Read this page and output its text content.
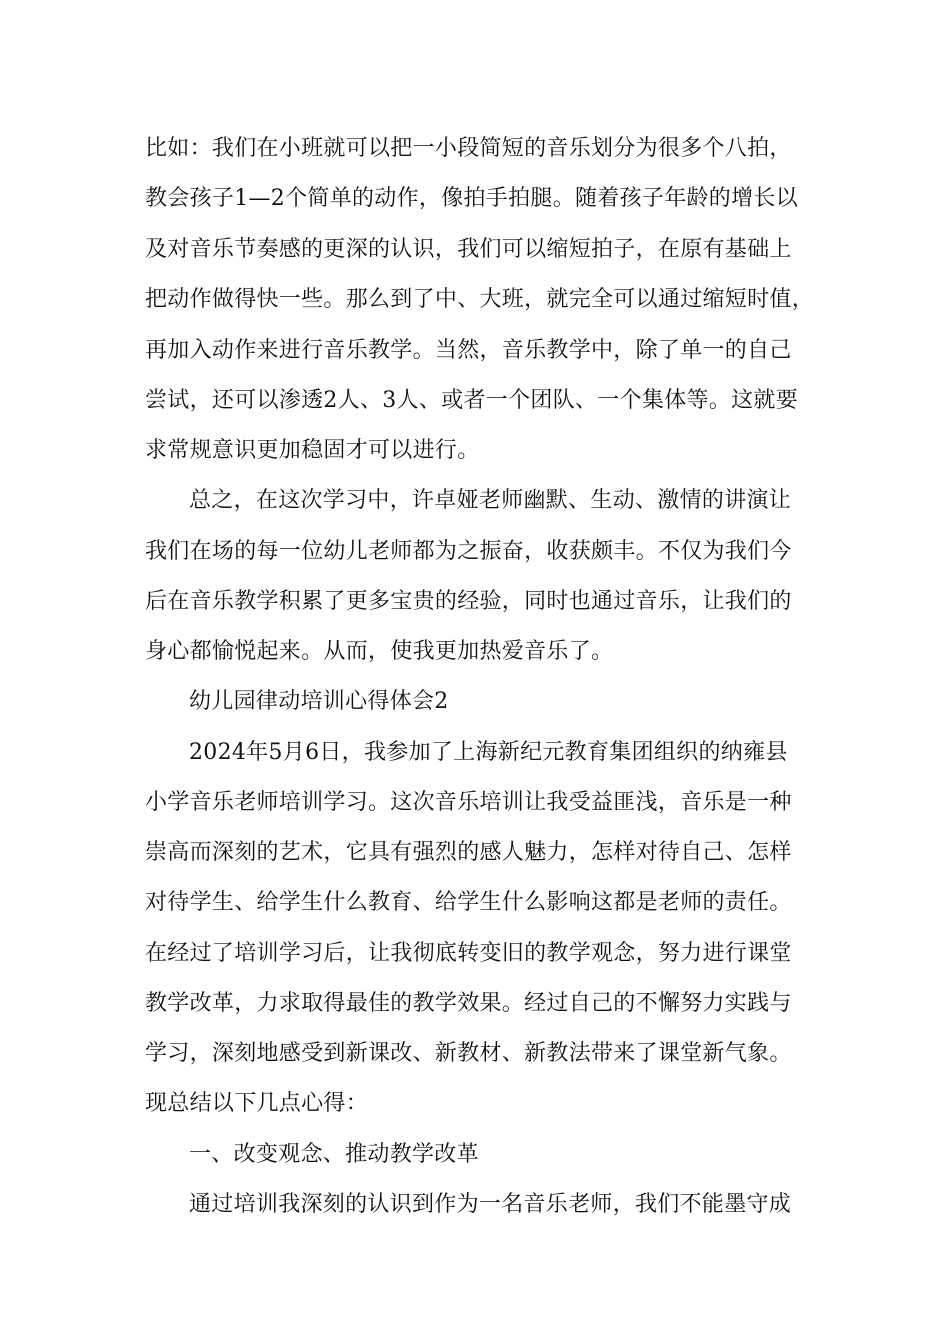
比如：我们在小班就可以把一小段简短的音乐划分为很多个八拍，
教会孩子1—2个简单的动作，像拍手拍腿。随着孩子年龄的增长以
及对音乐节奏感的更深的认识，我们可以缩短拍子，在原有基础上
把动作做得快一些。那么到了中、大班，就完全可以通过缩短时值，
再加入动作来进行音乐教学。当然，音乐教学中，除了单一的自己
尝试，还可以渗透2人、3人、或者一个团队、一个集体等。这就要
求常规意识更加稳固才可以进行。
总之，在这次学习中，许卓娅老师幽默、生动、激情的讲演让
我们在场的每一位幼儿老师都为之振奋，收获颇丰。不仅为我们今
后在音乐教学积累了更多宝贵的经验，同时也通过音乐，让我们的
身心都愉悦起来。从而，使我更加热爱音乐了。
幼儿园律动培训心得体会2
2024年5月6日，我参加了上海新纪元教育集团组织的纳雍县
小学音乐老师培训学习。这次音乐培训让我受益匪浅，音乐是一种
崇高而深刻的艺术，它具有强烈的感人魅力，怎样对待自己、怎样
对待学生、给学生什么教育、给学生什么影响这都是老师的责任。
在经过了培训学习后，让我彻底转变旧的教学观念，努力进行课堂
教学改革，力求取得最佳的教学效果。经过自己的不懈努力实践与
学习，深刻地感受到新课改、新教材、新教法带来了课堂新气象。
现总结以下几点心得：
一、改变观念、推动教学改革
通过培训我深刻的认识到作为一名音乐老师，我们不能墨守成
